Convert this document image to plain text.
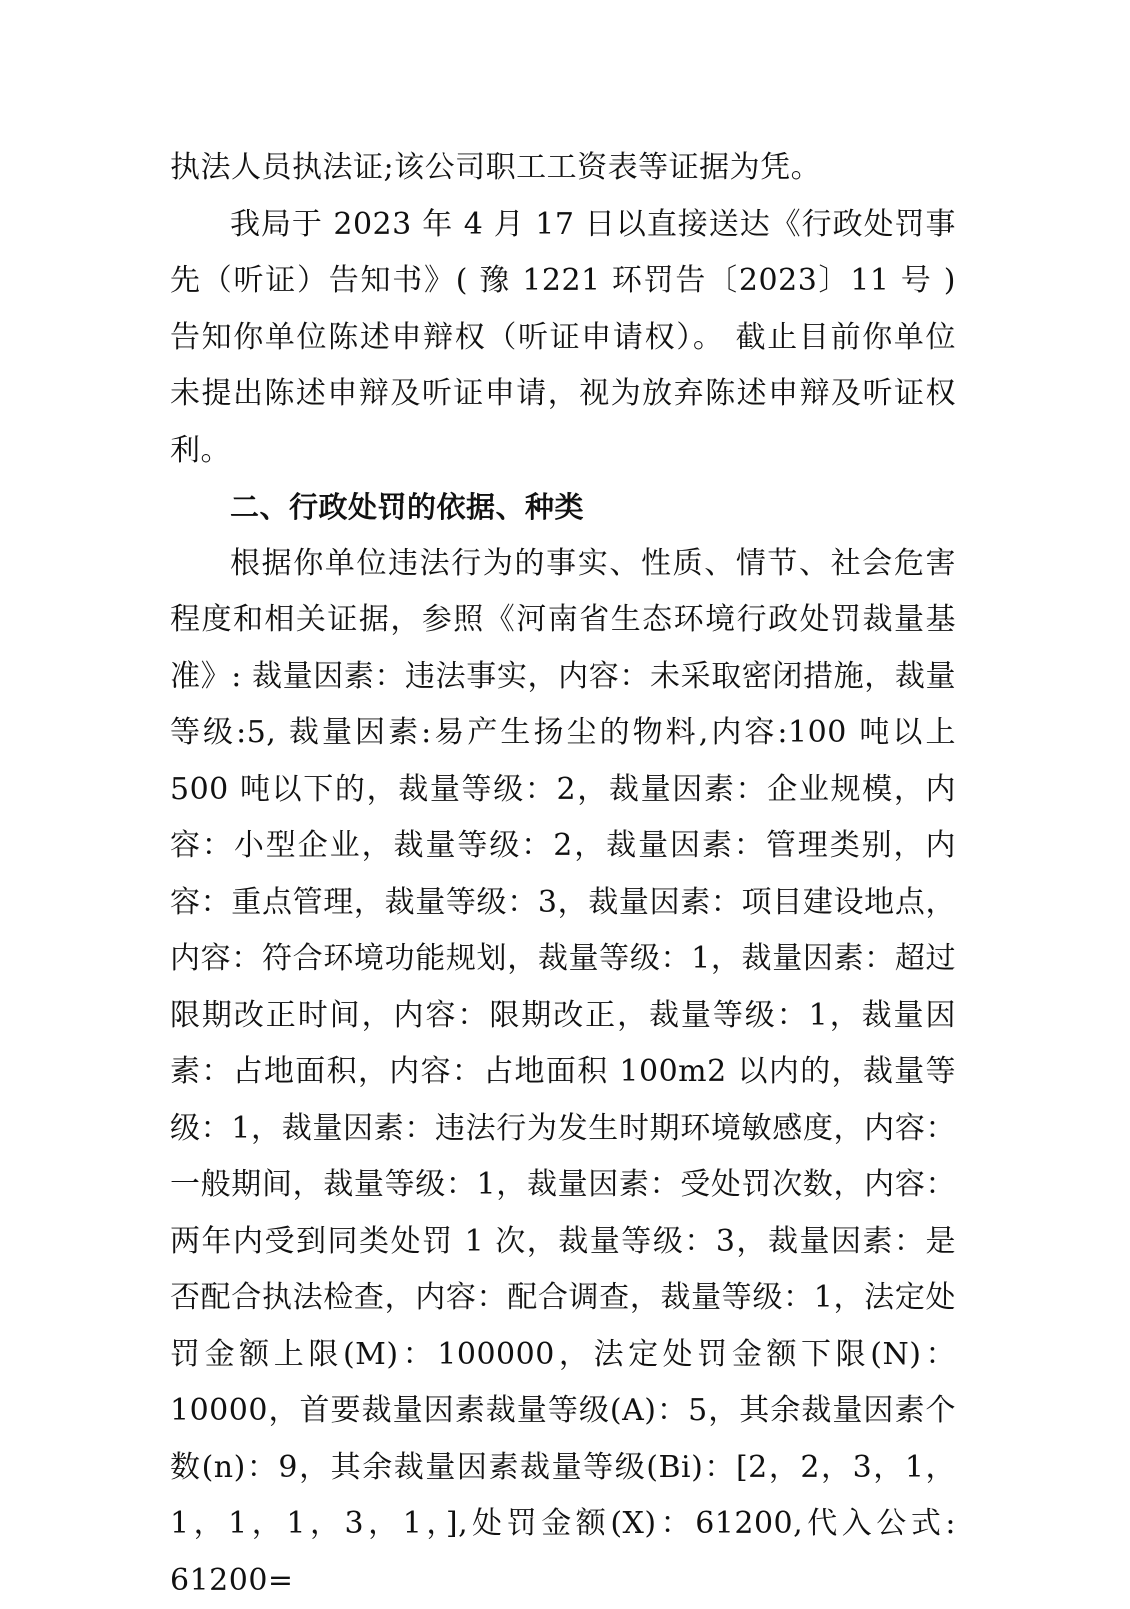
执法人员执法证;该公司职工工资表等证据为凭。

我局于 2023 年 4 月 17 日以直接送达《行政处罚事先（听证）告知书》( 豫 1221 环罚告〔2023〕11 号 ) 告知你单位陈述申辩权（听证申请权）。 截止目前你单位未提出陈述申辩及听证申请，视为放弃陈述申辩及听证权利。

二、行政处罚的依据、种类

根据你单位违法行为的事实、性质、情节、社会危害程度和相关证据，参照《河南省生态环境行政处罚裁量基准》: 裁量因素：违法事实，内容：未采取密闭措施，裁量等级:5, 裁量因素:易产生扬尘的物料,内容:100 吨以上 500 吨以下的，裁量等级：2，裁量因素：企业规模，内容：小型企业，裁量等级：2，裁量因素：管理类别，内容：重点管理，裁量等级：3，裁量因素：项目建设地点，内容：符合环境功能规划，裁量等级：1，裁量因素：超过限期改正时间，内容：限期改正，裁量等级：1，裁量因素：占地面积，内容：占地面积 100m2 以内的，裁量等级：1，裁量因素：违法行为发生时期环境敏感度，内容：一般期间，裁量等级：1，裁量因素：受处罚次数，内容：两年内受到同类处罚 1 次，裁量等级：3，裁量因素：是否配合执法检查，内容：配合调查，裁量等级：1，法定处罚金额上限(M)：100000，法定处罚金额下限(N)：10000，首要裁量因素裁量等级(A)：5，其余裁量因素个数(n)：9，其余裁量因素裁量等级(Bi)：[2，2，3，1，1，1，1，3，1，],处罚金额(X)：61200,代入公式: 61200=
